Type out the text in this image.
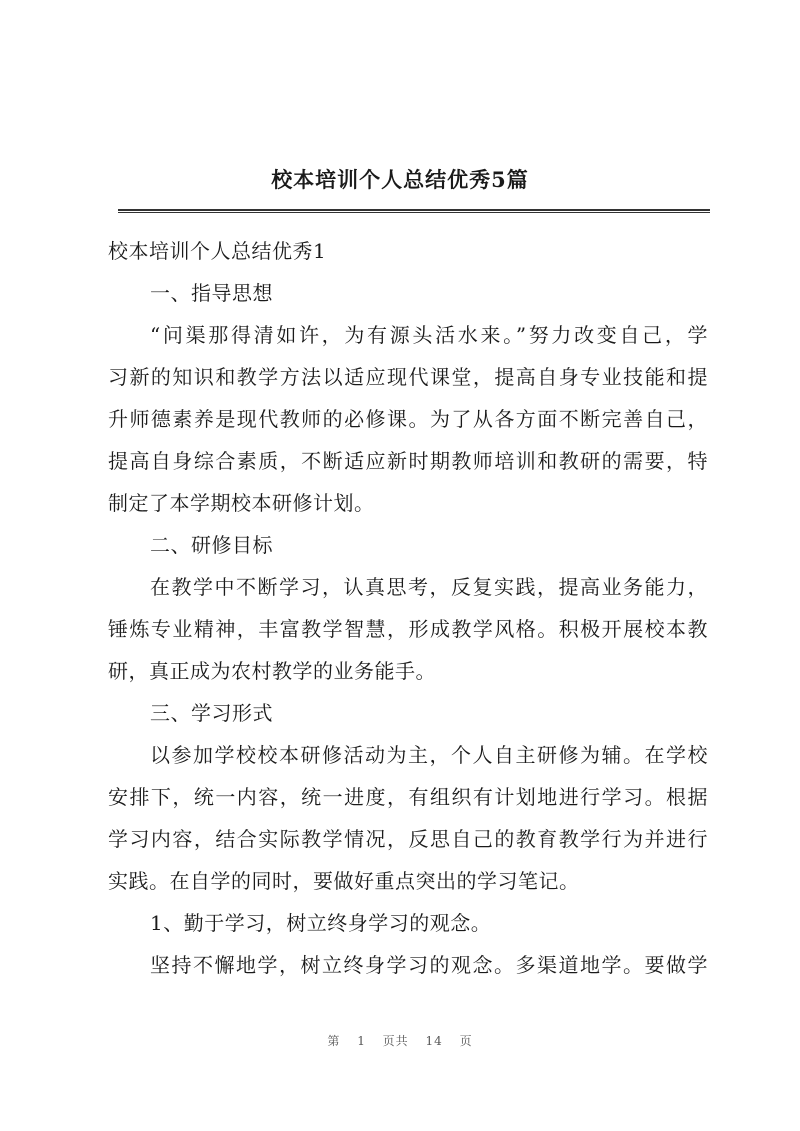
校本培训个人总结优秀5篇
校本培训个人总结优秀1
一、指导思想
“问渠那得清如许，为有源头活水来。”努力改变自己，学
习新的知识和教学方法以适应现代课堂，提高自身专业技能和提
升师德素养是现代教师的必修课。为了从各方面不断完善自己，
提高自身综合素质，不断适应新时期教师培训和教研的需要，特
制定了本学期校本研修计划。
二、研修目标
在教学中不断学习，认真思考，反复实践，提高业务能力，
锤炼专业精神，丰富教学智慧，形成教学风格。积极开展校本教
研，真正成为农村教学的业务能手。
三、学习形式
以参加学校校本研修活动为主，个人自主研修为辅。在学校
安排下，统一内容，统一进度，有组织有计划地进行学习。根据
学习内容，结合实际教学情况，反思自己的教育教学行为并进行
实践。在自学的同时，要做好重点突出的学习笔记。
1、勤于学习，树立终身学习的观念。
坚持不懈地学，树立终身学习的观念。多渠道地学。要做学
第 1 页共 14 页
